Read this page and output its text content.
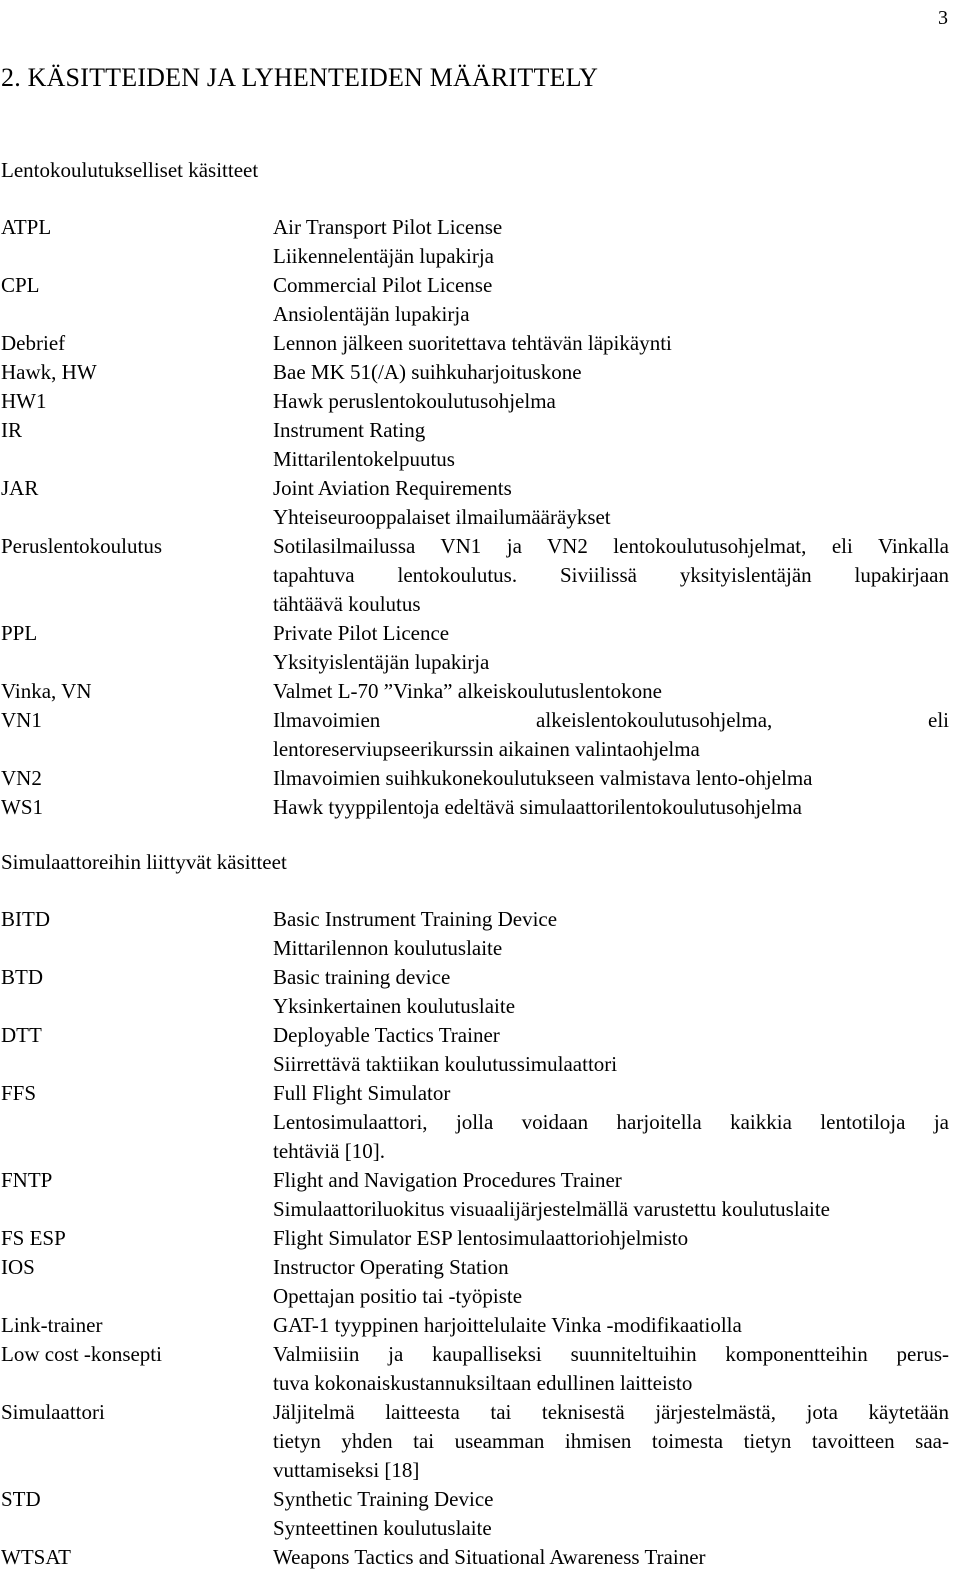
3
2. KÄSITTEIDEN JA LYHENTEIDEN MÄÄRITTELY
Lentokoulutukselliset käsitteet
ATPL	Air Transport Pilot License
Liikennelentäjän lupakirja
CPL	Commercial Pilot License
Ansiolentäjän lupakirja
Debrief	Lennon jälkeen suoritettava tehtävän läpikäynti
Hawk, HW	Bae MK 51(/A) suihkuharjoituskone
HW1	Hawk peruslentokoulutusohjelma
IR	Instrument Rating
Mittarilentokelpuutus
JAR	Joint Aviation Requirements
Yhteiseurooppalaiset ilmailumääräykset
Peruslentokoulutus	Sotilasilmailussa VN1 ja VN2 lentokoulutusohjelmat, eli Vinkalla
tapahtuva lentokoulutus. Siviilissä yksityislentäjän lupakirjaan
tähtäävä koulutus
PPL	Private Pilot Licence
Yksityislentäjän lupakirja
Vinka, VN	Valmet L-70 ”Vinka” alkeiskoulutuslentokone
VN1	Ilmavoimien alkeislentokoulutusohjelma, eli
lentoreserviupseerikurssin aikainen valintaohjelma
VN2	Ilmavoimien suihkukonekoulutukseen valmistava lento-ohjelma
WS1	Hawk tyyppilentoja edeltävä simulaattorilentokoulutusohjelma
Simulaattoreihin liittyvät käsitteet
BITD	Basic Instrument Training Device
Mittarilennon koulutuslaite
BTD	Basic training device
Yksinkertainen koulutuslaite
DTT	Deployable Tactics Trainer
Siirrettävä taktiikan koulutussimulaattori
FFS	Full Flight Simulator
Lentosimulaattori, jolla voidaan harjoitella kaikkia lentotiloja ja
tehtäviä [10].
FNTP	Flight and Navigation Procedures Trainer
Simulaattoriluokitus visuaalijärjestelmällä varustettu koulutuslaite
FS ESP	Flight Simulator ESP lentosimulaattoriohjelmisto
IOS	Instructor Operating Station
Opettajan positio tai -työpiste
Link-trainer	GAT-1 tyyppinen harjoittelulaite Vinka -modifikaatiolla
Low cost -konsepti	Valmiisiin ja kaupalliseksi suunniteltuihin komponentteihin perus-
tuva kokonaiskustannuksiltaan edullinen laitteisto
Simulaattori	Jäljitelmä laitteesta tai teknisestä järjestelmästä, jota käytetään
tietyn yhden tai useamman ihmisen toimesta tietyn tavoitteen saa-
vuttamiseksi [18]
STD	Synthetic Training Device
Synteettinen koulutuslaite
WTSAT	Weapons Tactics and Situational Awareness Trainer
